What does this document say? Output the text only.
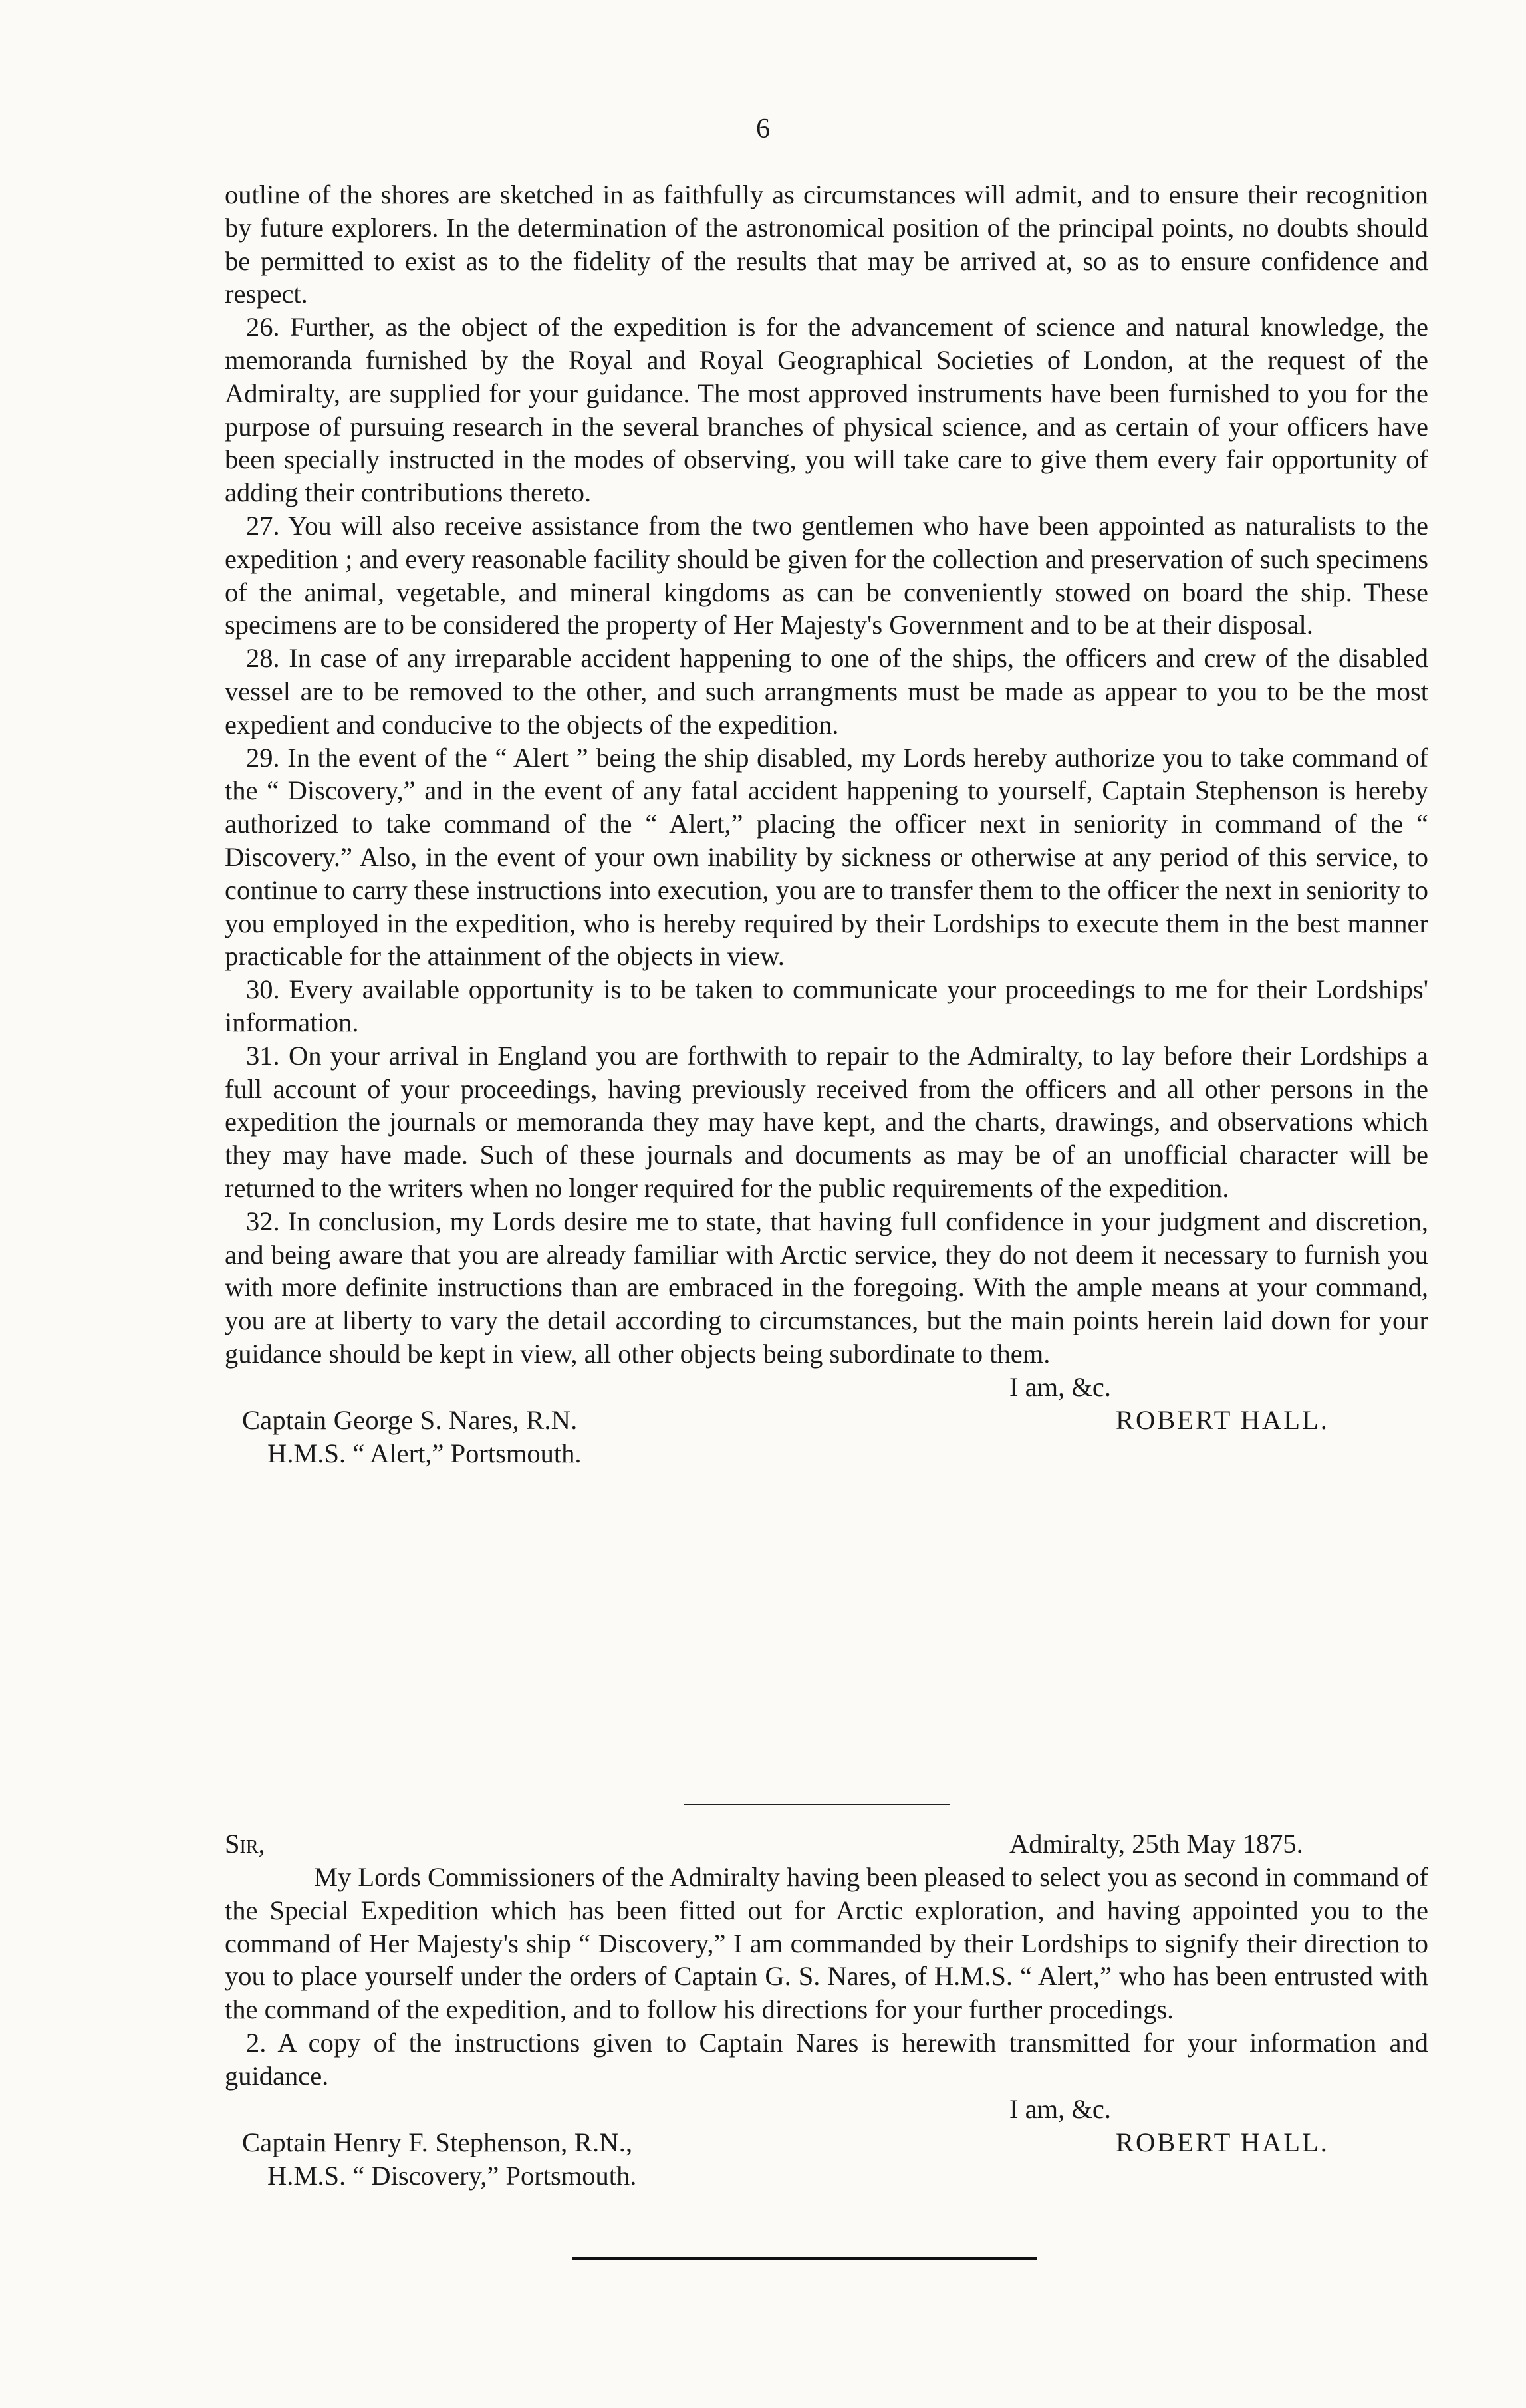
6

outline of the shores are sketched in as faithfully as circumstances will admit, and to ensure their recognition by future explorers. In the determination of the astronomical position of the principal points, no doubts should be permitted to exist as to the fidelity of the results that may be arrived at, so as to ensure confidence and respect.

26. Further, as the object of the expedition is for the advancement of science and natural knowledge, the memoranda furnished by the Royal and Royal Geographical Societies of London, at the request of the Admiralty, are supplied for your guidance. The most approved instruments have been furnished to you for the purpose of pursuing research in the several branches of physical science, and as certain of your officers have been specially instructed in the modes of observing, you will take care to give them every fair opportunity of adding their contributions thereto.

27. You will also receive assistance from the two gentlemen who have been appointed as naturalists to the expedition ; and every reasonable facility should be given for the collection and preservation of such specimens of the animal, vegetable, and mineral kingdoms as can be conveniently stowed on board the ship. These specimens are to be considered the property of Her Majesty's Government and to be at their disposal.

28. In case of any irreparable accident happening to one of the ships, the officers and crew of the disabled vessel are to be removed to the other, and such arrangments must be made as appear to you to be the most expedient and conducive to the objects of the expedition.

29. In the event of the “ Alert ” being the ship disabled, my Lords hereby authorize you to take command of the “ Discovery,” and in the event of any fatal accident happening to yourself, Captain Stephenson is hereby authorized to take command of the “ Alert,” placing the officer next in seniority in command of the “ Discovery.” Also, in the event of your own inability by sickness or otherwise at any period of this service, to continue to carry these instructions into execution, you are to transfer them to the officer the next in seniority to you employed in the expedition, who is hereby required by their Lordships to execute them in the best manner practicable for the attainment of the objects in view.

30. Every available opportunity is to be taken to communicate your proceedings to me for their Lordships' information.

31. On your arrival in England you are forthwith to repair to the Admiralty, to lay before their Lordships a full account of your proceedings, having previously received from the officers and all other persons in the expedition the journals or memoranda they may have kept, and the charts, drawings, and observations which they may have made. Such of these journals and documents as may be of an unofficial character will be returned to the writers when no longer required for the public requirements of the expedition.

32. In conclusion, my Lords desire me to state, that having full confidence in your judgment and discretion, and being aware that you are already familiar with Arctic service, they do not deem it necessary to furnish you with more definite instructions than are embraced in the foregoing. With the ample means at your command, you are at liberty to vary the detail according to circumstances, but the main points herein laid down for your guidance should be kept in view, all other objects being subordinate to them.

I am, &c.
Captain George S. Nares, R.N.	ROBERT HALL.
H.M.S. “ Alert,” Portsmouth.
Sir,	Admiralty, 25th May 1875.

My Lords Commissioners of the Admiralty having been pleased to select you as second in command of the Special Expedition which has been fitted out for Arctic exploration, and having appointed you to the command of Her Majesty's ship “ Discovery,” I am commanded by their Lordships to signify their direction to you to place yourself under the orders of Captain G. S. Nares, of H.M.S. “ Alert,” who has been entrusted with the command of the expedition, and to follow his directions for your further procedings.

2. A copy of the instructions given to Captain Nares is herewith transmitted for your information and guidance.

I am, &c.
Captain Henry F. Stephenson, R.N.,	ROBERT HALL.
H.M.S. “ Discovery,” Portsmouth.
